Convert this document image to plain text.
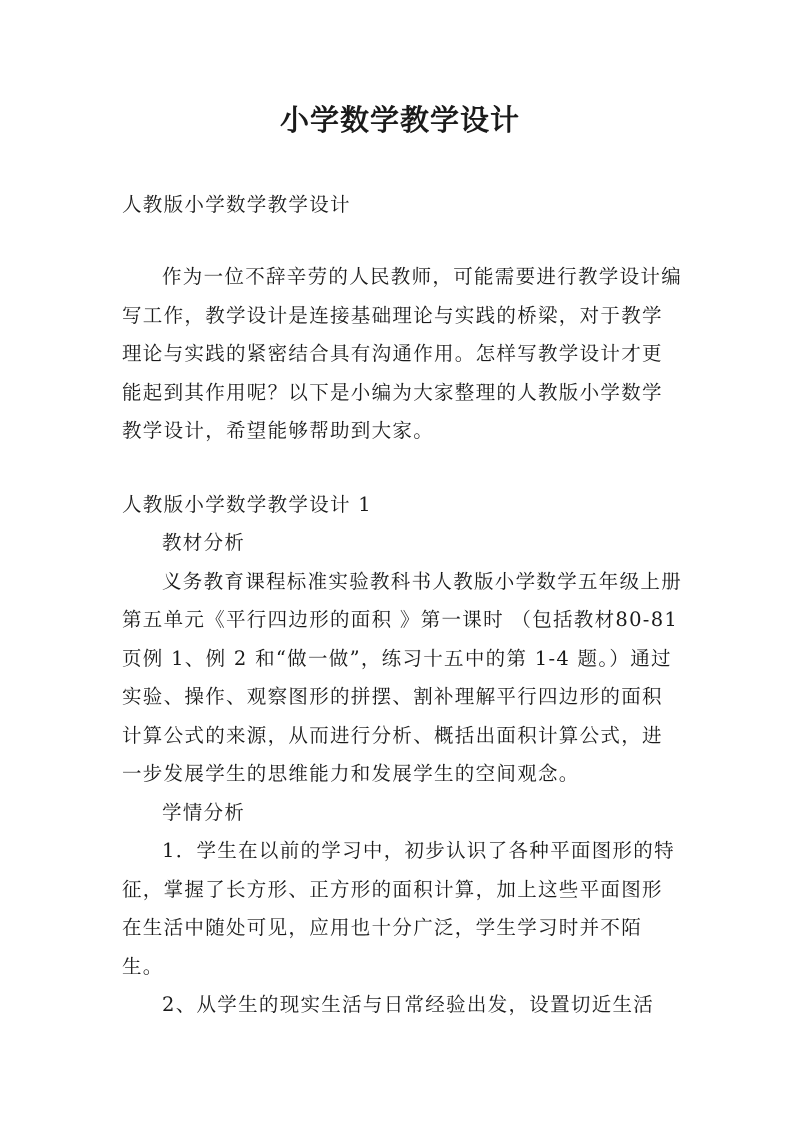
小学数学教学设计

人教版小学数学教学设计

作为一位不辞辛劳的人民教师，可能需要进行教学设计编写工作，教学设计是连接基础理论与实践的桥梁，对于教学理论与实践的紧密结合具有沟通作用。怎样写教学设计才更能起到其作用呢？以下是小编为大家整理的人教版小学数学教学设计，希望能够帮助到大家。

人教版小学数学教学设计 1

教材分析

义务教育课程标准实验教科书人教版小学数学五年级上册第五单元《平行四边形的面积 》第一课时 （包括教材80-81 页例 1、例 2 和“做一做”，练习十五中的第 1-4 题。）通过实验、操作、观察图形的拼摆、割补理解平行四边形的面积计算公式的来源，从而进行分析、概括出面积计算公式，进一步发展学生的思维能力和发展学生的空间观念。

学情分析

1．学生在以前的学习中，初步认识了各种平面图形的特征，掌握了长方形、正方形的面积计算，加上这些平面图形在生活中随处可见，应用也十分广泛，学生学习时并不陌生。

2、从学生的现实生活与日常经验出发，设置切近生活
